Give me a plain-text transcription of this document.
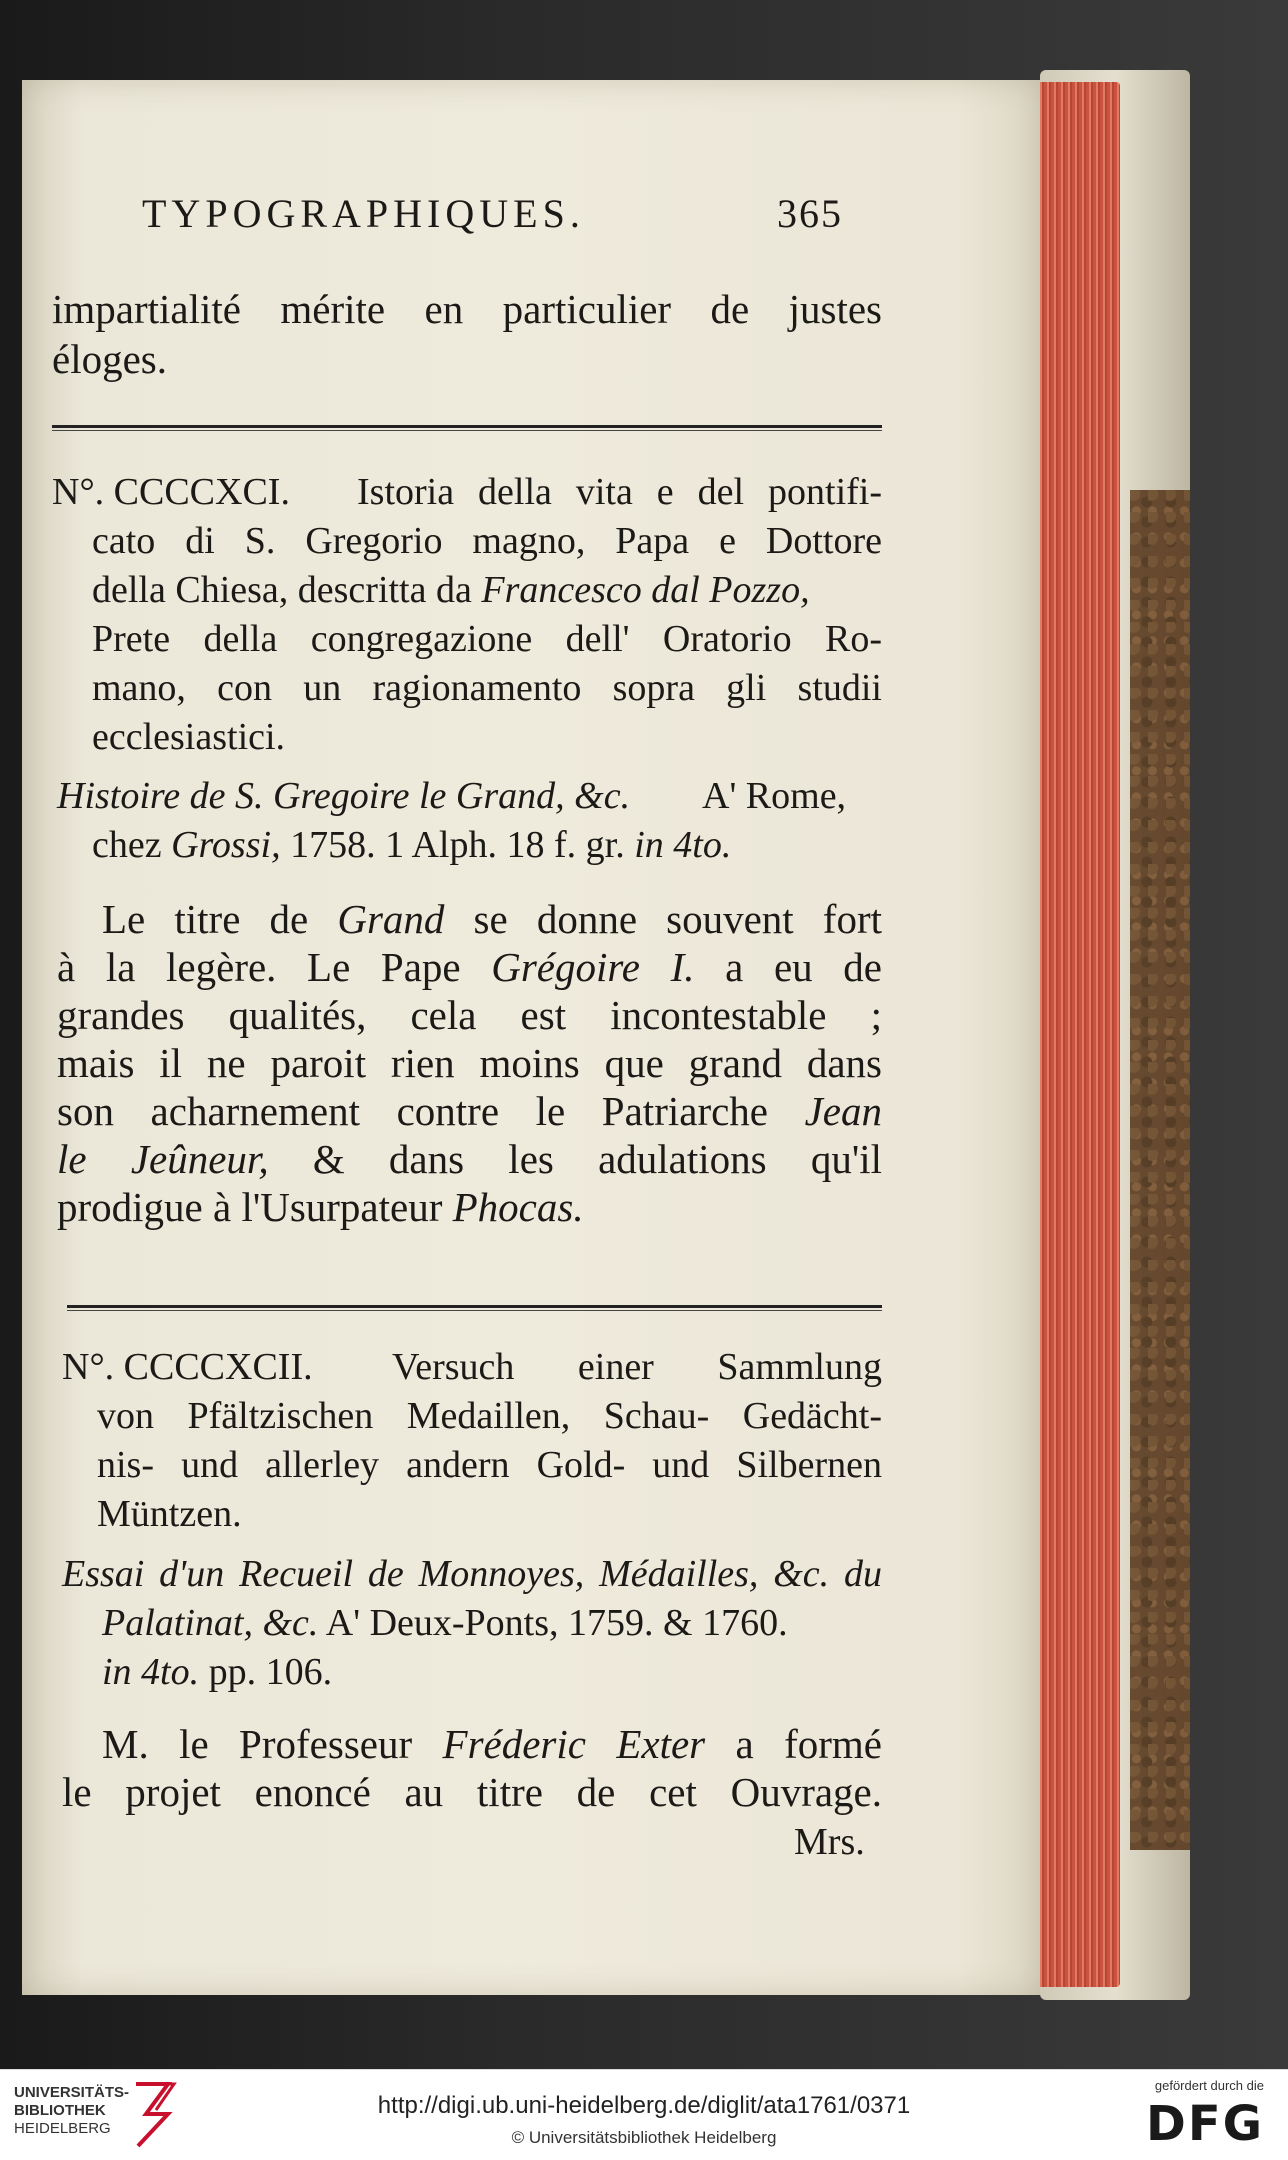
TYPOGRAPHIQUES.	365
impartialité mérite en particulier de justes
éloges.
N°. CCCCXCI. Istoria della vita e del pontifi-
cato di S. Gregorio magno, Papa e Dottore
della Chiesa, descritta da Francesco dal Pozzo,
Prete della congregazione dell' Oratorio Ro-
mano, con un ragionamento sopra gli studii
ecclesiastici.
Histoire de S. Gregoire le Grand, &c. A' Rome,
chez Grossi, 1758. 1 Alph. 18 f. gr. in 4to.
Le titre de Grand se donne souvent fort
à la legère. Le Pape Grégoire I. a eu de
grandes qualités, cela est incontestable ;
mais il ne paroit rien moins que grand dans
son acharnement contre le Patriarche Jean
le Jeûneur, & dans les adulations qu'il
prodigue à l'Usurpateur Phocas.
N°. CCCCXCII. Versuch einer Sammlung
von Pfältzischen Medaillen, Schau- Gedächt-
nis- und allerley andern Gold- und Silbernen
Müntzen.
Essai d'un Recueil de Monnoyes, Médailles, &c. du
Palatinat, &c. A' Deux-Ponts, 1759. & 1760.
in 4to. pp. 106.
M. le Professeur Fréderic Exter a formé
le projet enoncé au titre de cet Ouvrage.
Mrs.
UNIVERSITÄTS-
BIBLIOTHEK
HEIDELBERG
http://digi.ub.uni-heidelberg.de/diglit/ata1761/0371
© Universitätsbibliothek Heidelberg
gefördert durch die
DFG
